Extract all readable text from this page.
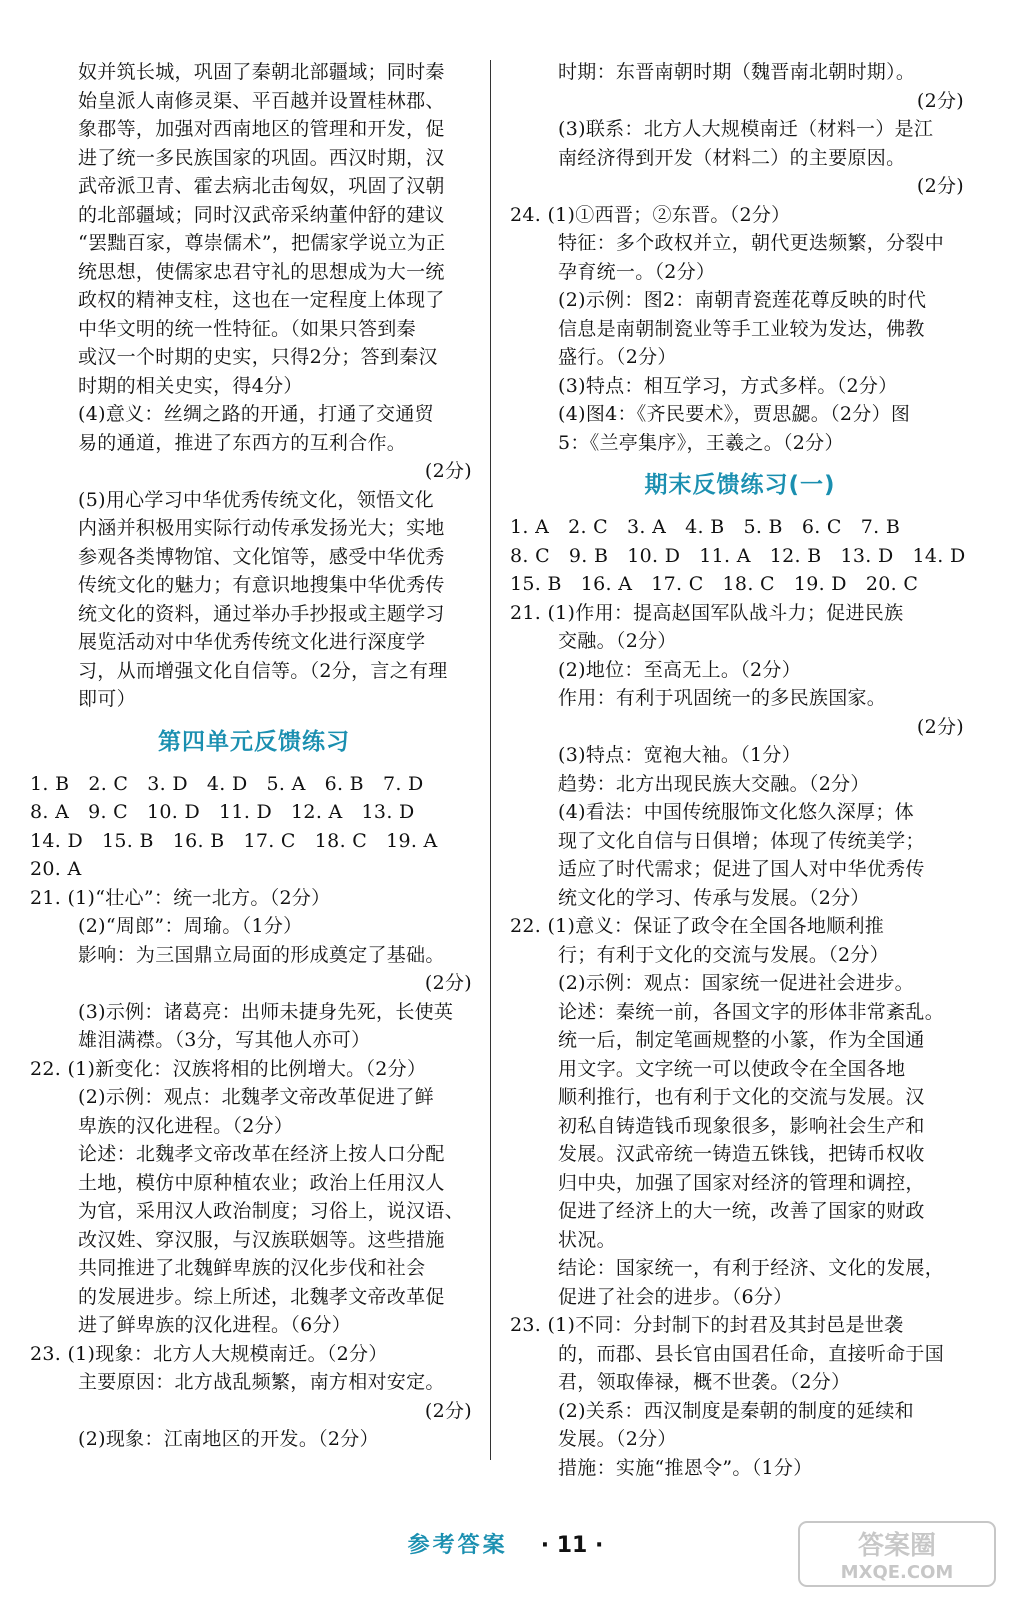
奴并筑长城，巩固了秦朝北部疆域；同时秦
始皇派人南修灵渠、平百越并设置桂林郡、
象郡等，加强对西南地区的管理和开发，促
进了统一多民族国家的巩固。西汉时期，汉
武帝派卫青、霍去病北击匈奴，巩固了汉朝
的北部疆域；同时汉武帝采纳董仲舒的建议
“罢黜百家，尊崇儒术”，把儒家学说立为正
统思想，使儒家忠君守礼的思想成为大一统
政权的精神支柱，这也在一定程度上体现了
中华文明的统一性特征。（如果只答到秦
或汉一个时期的史实，只得2分；答到秦汉
时期的相关史实，得4分）
(4)意义：丝绸之路的开通，打通了交通贸
易的通道，推进了东西方的互利合作。
(2分)
(5)用心学习中华优秀传统文化，领悟文化
内涵并积极用实际行动传承发扬光大；实地
参观各类博物馆、文化馆等，感受中华优秀
传统文化的魅力；有意识地搜集中华优秀传
统文化的资料，通过举办手抄报或主题学习
展览活动对中华优秀传统文化进行深度学
习，从而增强文化自信等。（2分，言之有理
即可）
第四单元反馈练习
1. B   2. C   3. D   4. D   5. A   6. B   7. D
8. A   9. C   10. D   11. D   12. A   13. D
14. D   15. B   16. B   17. C   18. C   19. A
20. A
21. (1)“壮心”：统一北方。（2分）
(2)“周郎”：周瑜。（1分）
影响：为三国鼎立局面的形成奠定了基础。
(2分)
(3)示例：诸葛亮：出师未捷身先死，长使英
雄泪满襟。（3分，写其他人亦可）
22. (1)新变化：汉族将相的比例增大。（2分）
(2)示例：观点：北魏孝文帝改革促进了鲜
卑族的汉化进程。（2分）
论述：北魏孝文帝改革在经济上按人口分配
土地，模仿中原种植农业；政治上任用汉人
为官，采用汉人政治制度；习俗上，说汉语、
改汉姓、穿汉服，与汉族联姻等。这些措施
共同推进了北魏鲜卑族的汉化步伐和社会
的发展进步。综上所述，北魏孝文帝改革促
进了鲜卑族的汉化进程。（6分）
23. (1)现象：北方人大规模南迁。（2分）
主要原因：北方战乱频繁，南方相对安定。
(2分)
(2)现象：江南地区的开发。（2分）
时期：东晋南朝时期（魏晋南北朝时期）。
(2分)
(3)联系：北方人大规模南迁（材料一）是江
南经济得到开发（材料二）的主要原因。
(2分)
24. (1)①西晋；②东晋。（2分）
特征：多个政权并立，朝代更迭频繁，分裂中
孕育统一。（2分）
(2)示例：图2：南朝青瓷莲花尊反映的时代
信息是南朝制瓷业等手工业较为发达，佛教
盛行。（2分）
(3)特点：相互学习，方式多样。（2分）
(4)图4：《齐民要术》，贾思勰。（2分）图
5：《兰亭集序》，王羲之。（2分）
期末反馈练习(一)
1. A   2. C   3. A   4. B   5. B   6. C   7. B
8. C   9. B   10. D   11. A   12. B   13. D   14. D
15. B   16. A   17. C   18. C   19. D   20. C
21. (1)作用：提高赵国军队战斗力；促进民族
交融。（2分）
(2)地位：至高无上。（2分）
作用：有利于巩固统一的多民族国家。
(2分)
(3)特点：宽袍大袖。（1分）
趋势：北方出现民族大交融。（2分）
(4)看法：中国传统服饰文化悠久深厚；体
现了文化自信与日俱增；体现了传统美学；
适应了时代需求；促进了国人对中华优秀传
统文化的学习、传承与发展。（2分）
22. (1)意义：保证了政令在全国各地顺利推
行；有利于文化的交流与发展。（2分）
(2)示例：观点：国家统一促进社会进步。
论述：秦统一前，各国文字的形体非常紊乱。
统一后，制定笔画规整的小篆，作为全国通
用文字。文字统一可以使政令在全国各地
顺利推行，也有利于文化的交流与发展。汉
初私自铸造钱币现象很多，影响社会生产和
发展。汉武帝统一铸造五铢钱，把铸币权收
归中央，加强了国家对经济的管理和调控，
促进了经济上的大一统，改善了国家的财政
状况。
结论：国家统一，有利于经济、文化的发展，
促进了社会的进步。（6分）
23. (1)不同：分封制下的封君及其封邑是世袭
的，而郡、县长官由国君任命，直接听命于国
君，领取俸禄，概不世袭。（2分）
(2)关系：西汉制度是秦朝的制度的延续和
发展。（2分）
措施：实施“推恩令”。（1分）
参考答案 · 11 ·	答案圈
MXQE.COM
